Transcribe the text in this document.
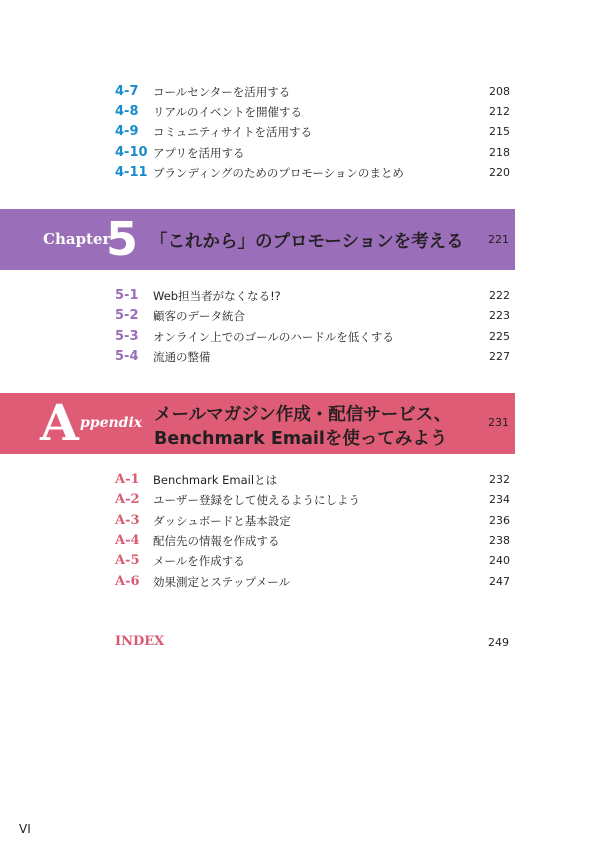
4-7 コールセンターを活用する	208
4-8 リアルのイベントを開催する	212
4-9 コミュニティサイトを活用する	215
4-10 アプリを活用する	218
4-11 ブランディングのためのプロモーションのまとめ	220
Chapter
5 「これから」のプロモーションを考える 221
5-1 Web担当者がなくなる!?	222
5-2 顧客のデータ統合	223
5-3 オンライン上でのゴールのハードルを低くする	225
5-4 流通の整備	227
A ppendix メールマガジン作成・配信サービス、
Benchmark Emailを使ってみよう
231
A-1 Benchmark Emailとは	232
A-2 ユーザー登録をして使えるようにしよう	234
A-3 ダッシュボードと基本設定	236
A-4 配信先の情報を作成する	238
A-5 メールを作成する	240
A-6 効果測定とステップメール	247
INDEX	249
VI
